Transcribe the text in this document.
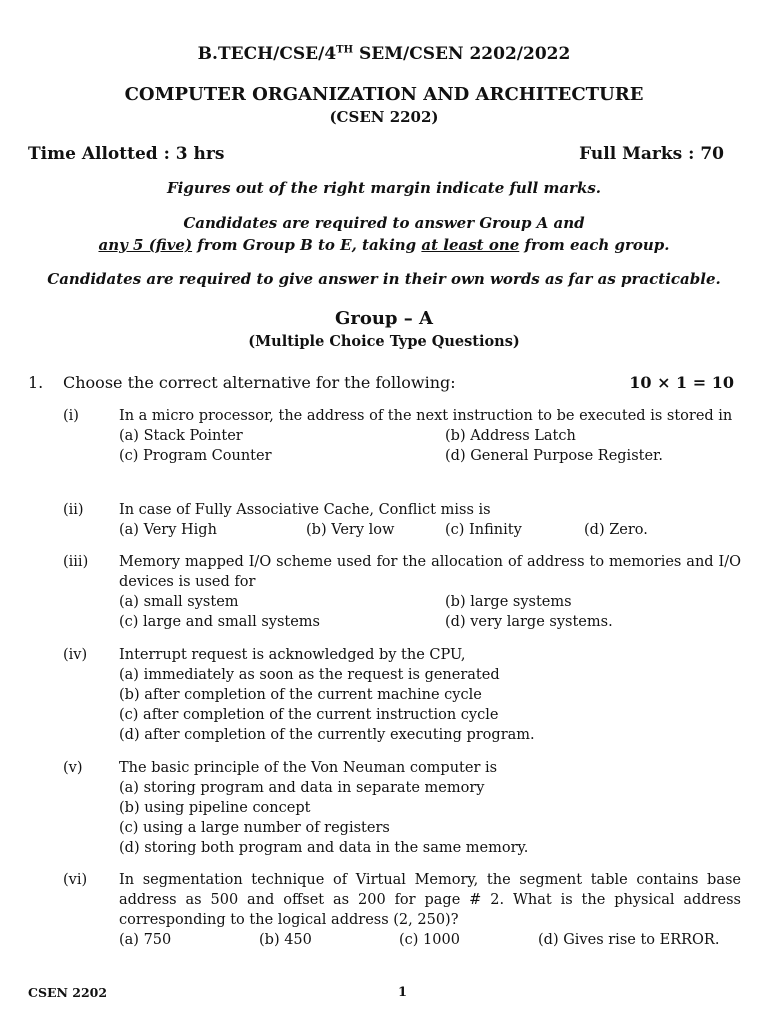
B.TECH/CSE/4TH SEM/CSEN 2202/2022
COMPUTER ORGANIZATION AND ARCHITECTURE
(CSEN 2202)
Time Allotted : 3 hrs	Full Marks : 70
Figures out of the right margin indicate full marks.
Candidates are required to answer Group A and
any 5 (five) from Group B to E, taking at least one from each group.
Candidates are required to give answer in their own words as far as practicable.
Group – A
(Multiple Choice Type Questions)
1. Choose the correct alternative for the following:	10 × 1 = 10
(i)	In a micro processor, the address of the next instruction to be executed is stored in
(a) Stack Pointer	(b) Address Latch
(c) Program Counter	(d) General Purpose Register.
(ii) In case of Fully Associative Cache, Conflict miss is
(a) Very High	(b) Very low	(c) Infinity	(d) Zero.
(iii) Memory mapped I/O scheme used for the allocation of address to memories and I/O devices is used for
(a) small system	(b) large systems
(c) large and small systems	(d) very large systems.
(iv) Interrupt request is acknowledged by the CPU,
(a) immediately as soon as the request is generated
(b) after completion of the current machine cycle
(c) after completion of the current instruction cycle
(d) after completion of the currently executing program.
(v)	The basic principle of the Von Neuman computer is
(a) storing program and data in separate memory
(b) using pipeline concept
(c) using a large number of registers
(d) storing both program and data in the same memory.
(vi) In segmentation technique of Virtual Memory, the segment table contains base address as 500 and offset as 200 for page # 2. What is the physical address corresponding to the logical address (2, 250)?
(a) 750	(b) 450	(c) 1000	(d) Gives rise to ERROR.
CSEN 2202	1
